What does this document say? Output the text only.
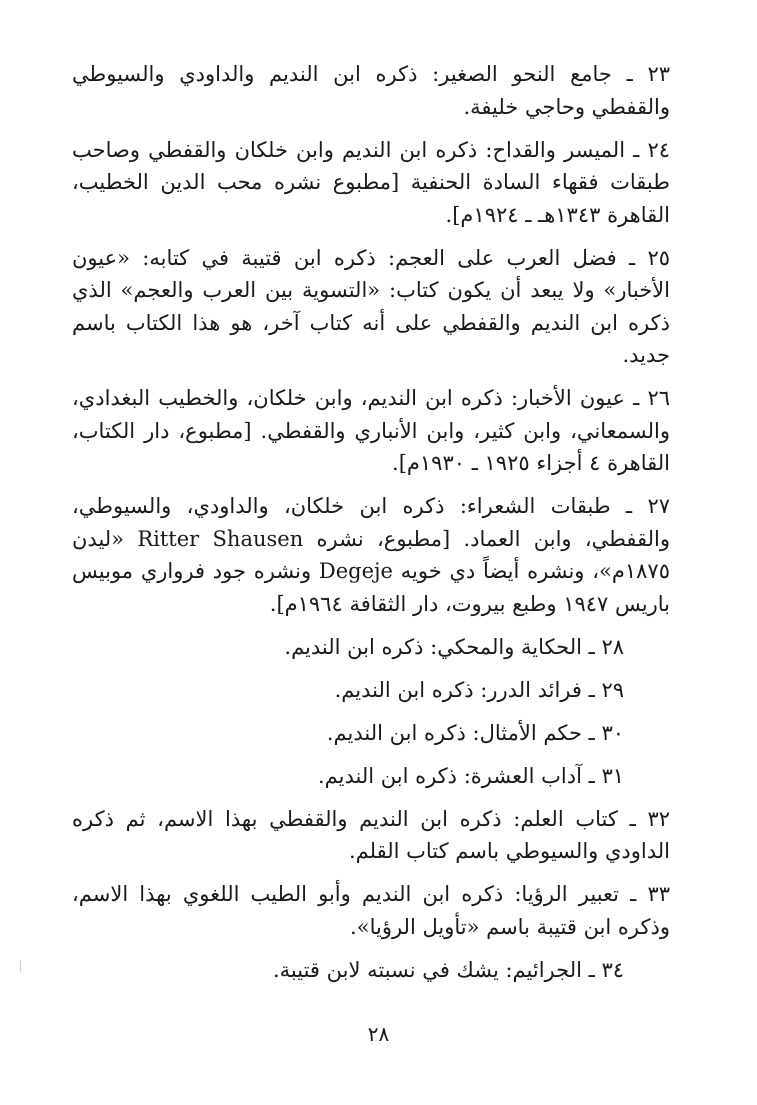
٢٣ ـ جامع النحو الصغير: ذكره ابن النديم والداودي والسيوطي والقفطي وحاجي خليفة.

٢٤ ـ الميسر والقداح: ذكره ابن النديم وابن خلكان والقفطي وصاحب طبقات فقهاء السادة الحنفية [مطبوع نشره محب الدين الخطيب، القاهرة ١٣٤٣هـ ـ ١٩٢٤م].

٢٥ ـ فضل العرب على العجم: ذكره ابن قتيبة في كتابه: «عيون الأخبار» ولا يبعد أن يكون كتاب: «التسوية بين العرب والعجم» الذي ذكره ابن النديم والقفطي على أنه كتاب آخر، هو هذا الكتاب باسم جديد.

٢٦ ـ عيون الأخبار: ذكره ابن النديم، وابن خلكان، والخطيب البغدادي، والسمعاني، وابن كثير، وابن الأنباري والقفطي. [مطبوع، دار الكتاب، القاهرة ٤ أجزاء ١٩٢٥ ـ ١٩٣٠م].

٢٧ ـ طبقات الشعراء: ذكره ابن خلكان، والداودي، والسيوطي، والقفطي، وابن العماد. [مطبوع، نشره Ritter Shausen «ليدن ١٨٧٥م»، ونشره أيضاً دي خويه Degeje ونشره جود فرواري موبيس باريس ١٩٤٧ وطبع بيروت، دار الثقافة ١٩٦٤م].

٢٨ ـ الحكاية والمحكي: ذكره ابن النديم.

٢٩ ـ فرائد الدرر: ذكره ابن النديم.

٣٠ ـ حكم الأمثال: ذكره ابن النديم.

٣١ ـ آداب العشرة: ذكره ابن النديم.

٣٢ ـ كتاب العلم: ذكره ابن النديم والقفطي بهذا الاسم، ثم ذكره الداودي والسيوطي باسم كتاب القلم.

٣٣ ـ تعبير الرؤيا: ذكره ابن النديم وأبو الطيب اللغوي بهذا الاسم، وذكره ابن قتيبة باسم «تأويل الرؤيا».

٣٤ ـ الجرائيم: يشك في نسبته لابن قتيبة.

٢٨
